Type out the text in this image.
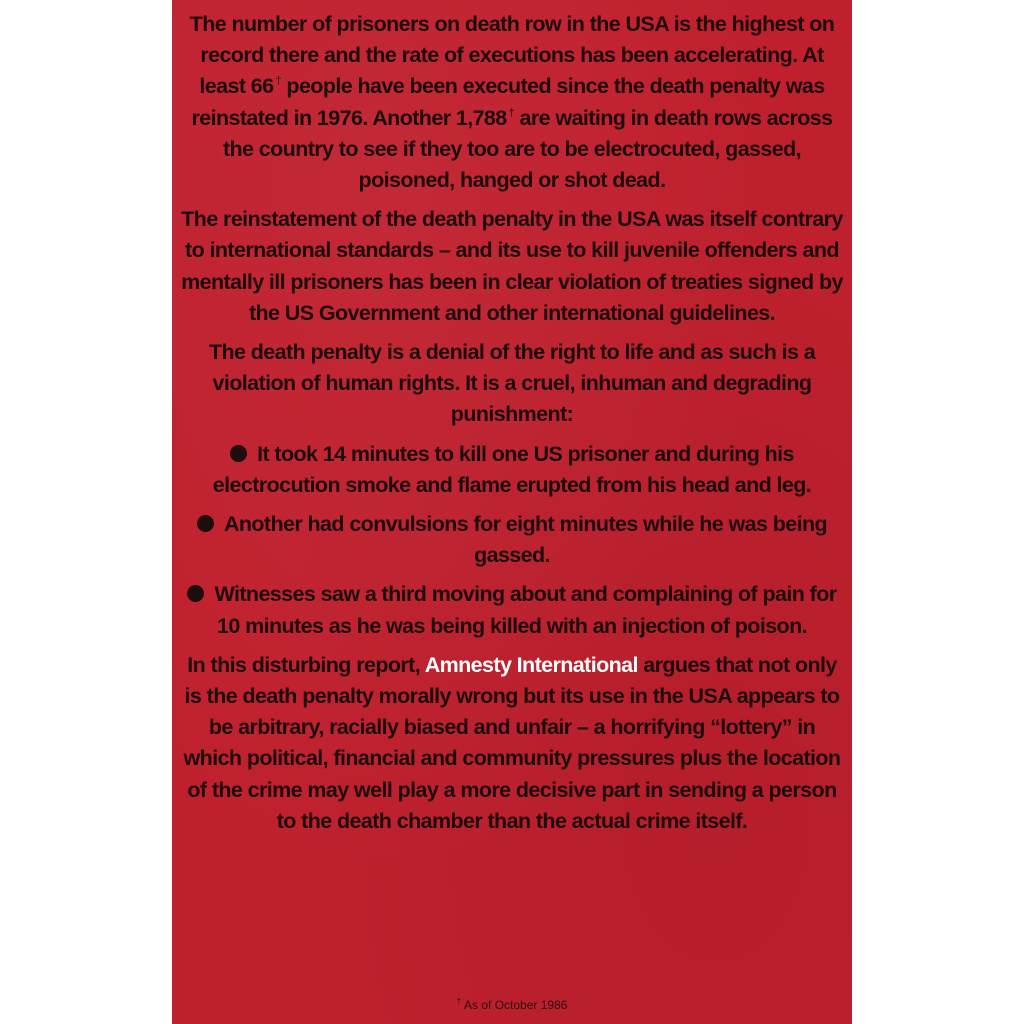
The number of prisoners on death row in the USA is the highest on record there and the rate of executions has been accelerating. At least 66 † people have been executed since the death penalty was reinstated in 1976. Another 1,788 † are waiting in death rows across the country to see if they too are to be electrocuted, gassed, poisoned, hanged or shot dead.

The reinstatement of the death penalty in the USA was itself contrary to international standards – and its use to kill juvenile offenders and mentally ill prisoners has been in clear violation of treaties signed by the US Government and other international guidelines.

The death penalty is a denial of the right to life and as such is a violation of human rights. It is a cruel, inhuman and degrading punishment:

It took 14 minutes to kill one US prisoner and during his electrocution smoke and flame erupted from his head and leg.

Another had convulsions for eight minutes while he was being gassed.

Witnesses saw a third moving about and complaining of pain for 10 minutes as he was being killed with an injection of poison.

In this disturbing report, Amnesty International argues that not only is the death penalty morally wrong but its use in the USA appears to be arbitrary, racially biased and unfair – a horrifying “lottery” in which political, financial and community pressures plus the location of the crime may well play a more decisive part in sending a person to the death chamber than the actual crime itself.

† As of October 1986
